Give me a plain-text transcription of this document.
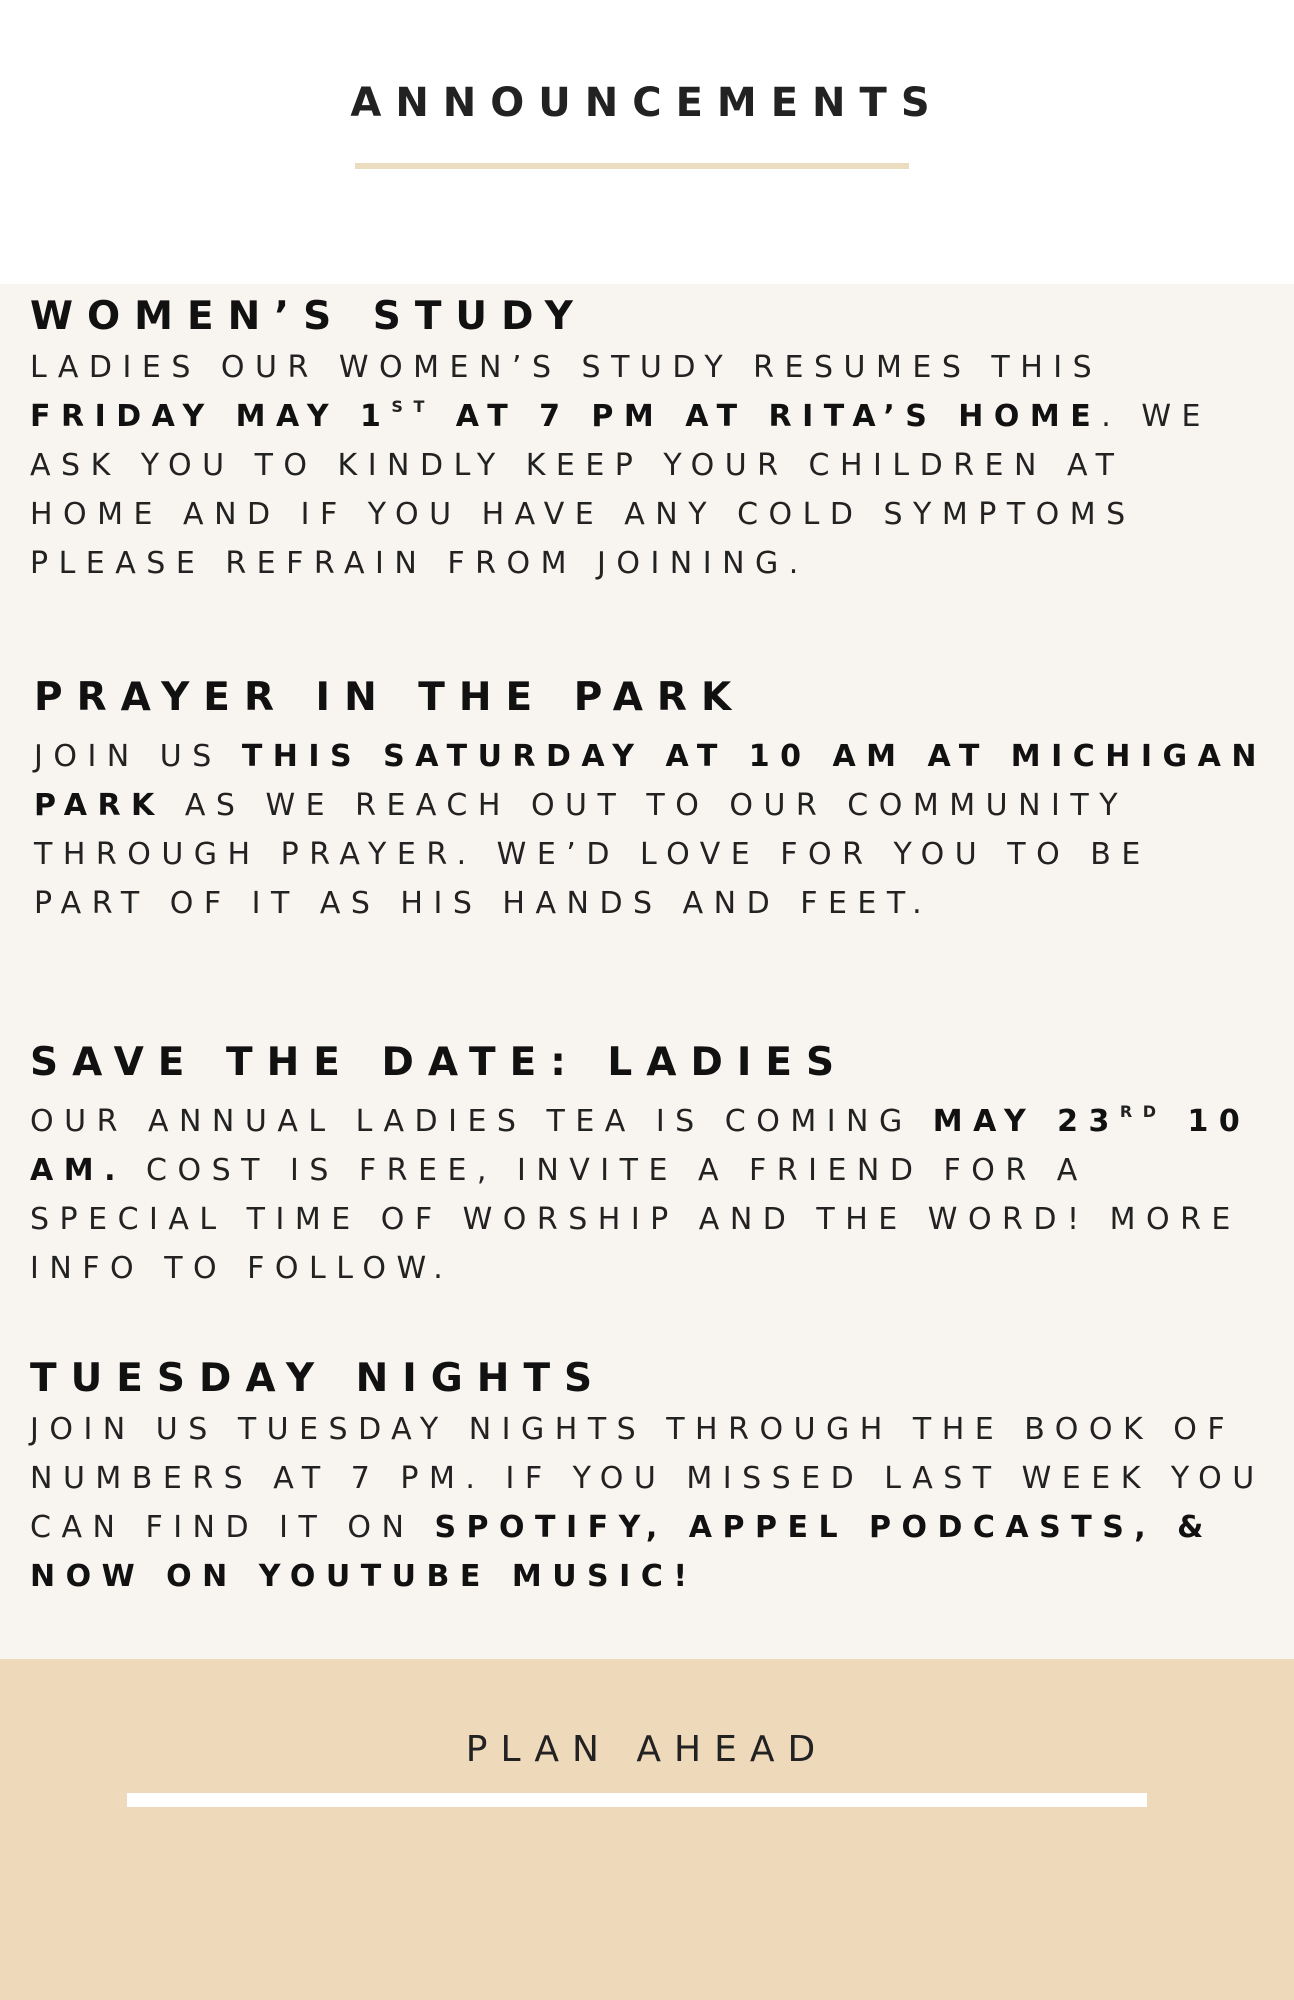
ANNOUNCEMENTS
WOMEN’S STUDY

LADIES OUR WOMEN’S STUDY RESUMES THIS FRIDAY MAY 1ST AT 7 PM AT RITA’S HOME. WE ASK YOU TO KINDLY KEEP YOUR CHILDREN AT HOME AND IF YOU HAVE ANY COLD SYMPTOMS PLEASE REFRAIN FROM JOINING.

PRAYER IN THE PARK

JOIN US THIS SATURDAY AT 10 AM AT MICHIGAN PARK AS WE REACH OUT TO OUR COMMUNITY THROUGH PRAYER. WE’D LOVE FOR YOU TO BE PART OF IT AS HIS HANDS AND FEET.

SAVE THE DATE: LADIES

OUR ANNUAL LADIES TEA IS COMING MAY 23RD 10 AM. COST IS FREE, INVITE A FRIEND FOR A SPECIAL TIME OF WORSHIP AND THE WORD! MORE INFO TO FOLLOW.

TUESDAY NIGHTS

JOIN US TUESDAY NIGHTS THROUGH THE BOOK OF NUMBERS AT 7 PM. IF YOU MISSED LAST WEEK YOU CAN FIND IT ON SPOTIFY, APPEL PODCASTS, & NOW ON YOUTUBE MUSIC!

PLAN AHEAD
